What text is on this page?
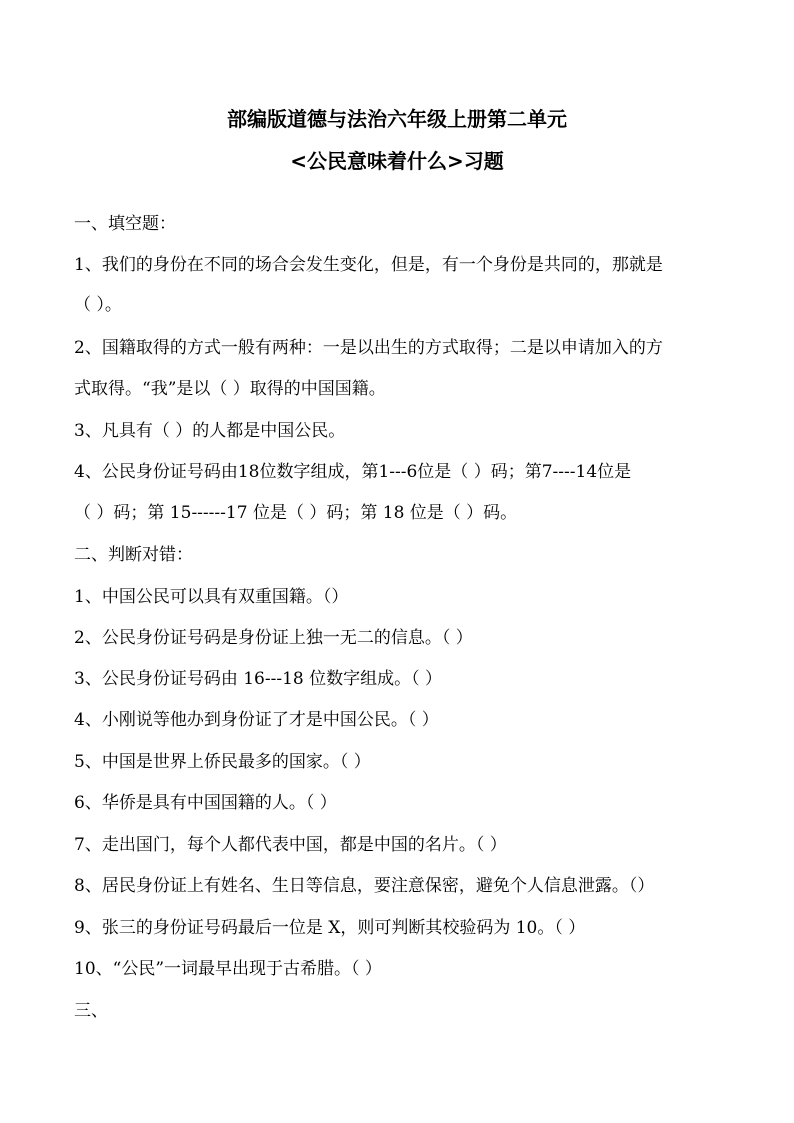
部编版道德与法治六年级上册第二单元
<公民意味着什么>习题
一、填空题：
1、我们的身份在不同的场合会发生变化，但是，有一个身份是共同的，那就是
（ ）。
2、国籍取得的方式一般有两种：一是以出生的方式取得；二是以申请加入的方
式取得。“我”是以（ ）取得的中国国籍。
3、凡具有（ ）的人都是中国公民。
4、公民身份证号码由18位数字组成，第1---6位是（ ）码；第7----14位是
（ ）码；第 15------17 位是（ ）码；第 18 位是（ ）码。
二、判断对错：
1、中国公民可以具有双重国籍。（）
2、公民身份证号码是身份证上独一无二的信息。（ ）
3、公民身份证号码由 16---18 位数字组成。（ ）
4、小刚说等他办到身份证了才是中国公民。（ ）
5、中国是世界上侨民最多的国家。（ ）
6、华侨是具有中国国籍的人。（ ）
7、走出国门，每个人都代表中国，都是中国的名片。（ ）
8、居民身份证上有姓名、生日等信息，要注意保密，避免个人信息泄露。（）
9、张三的身份证号码最后一位是 X，则可判断其校验码为 10。（ ）
10、“公民”一词最早出现于古希腊。（ ）
三、
